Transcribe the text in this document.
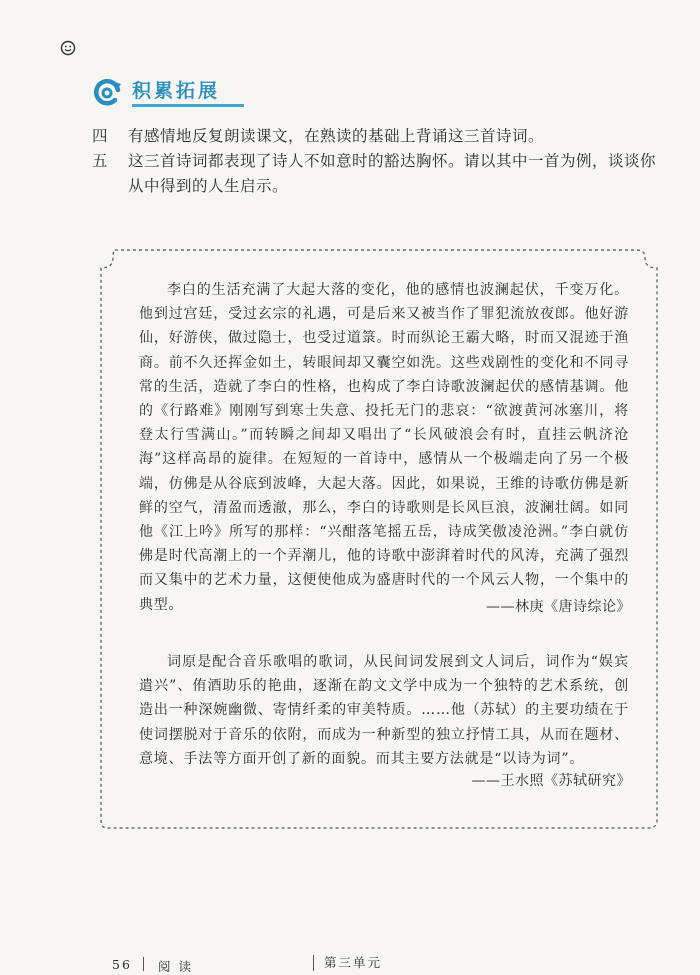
积累拓展
四 有感情地反复朗读课文，在熟读的基础上背诵这三首诗词。
五 这三首诗词都表现了诗人不如意时的豁达胸怀。请以其中一首为例，谈谈你从中得到的人生启示。
李白的生活充满了大起大落的变化，他的感情也波澜起伏，千变万化。他到过宫廷，受过玄宗的礼遇，可是后来又被当作了罪犯流放夜郎。他好游仙，好游侠，做过隐士，也受过道箓。时而纵论王霸大略，时而又混迹于渔商。前不久还挥金如土，转眼间却又囊空如洗。这些戏剧性的变化和不同寻常的生活，造就了李白的性格，也构成了李白诗歌波澜起伏的感情基调。他的《行路难》刚刚写到寒士失意、投托无门的悲哀：“欲渡黄河冰塞川，将登太行雪满山。”而转瞬之间却又唱出了“长风破浪会有时，直挂云帆济沧海”这样高昂的旋律。在短短的一首诗中，感情从一个极端走向了另一个极端，仿佛是从谷底到波峰，大起大落。因此，如果说，王维的诗歌仿佛是新鲜的空气，清盈而透澈，那么，李白的诗歌则是长风巨浪，波澜壮阔。如同他《江上吟》所写的那样：“兴酣落笔摇五岳，诗成笑傲凌沧洲。”李白就仿佛是时代高潮上的一个弄潮儿，他的诗歌中澎湃着时代的风涛，充满了强烈而又集中的艺术力量，这便使他成为盛唐时代的一个风云人物，一个集中的典型。	——林庚《唐诗综论》
词原是配合音乐歌唱的歌词，从民间词发展到文人词后，词作为“娱宾遣兴”、侑酒助乐的艳曲，逐渐在韵文文学中成为一个独特的艺术系统，创造出一种深婉幽微、寄情纤柔的审美特质。……他（苏轼）的主要功绩在于使词摆脱对于音乐的依附，而成为一种新型的独立抒情工具，从而在题材、意境、手法等方面开创了新的面貌。而其主要方法就是“以诗为词”。
——王水照《苏轼研究》
56 阅 读	第三单元
